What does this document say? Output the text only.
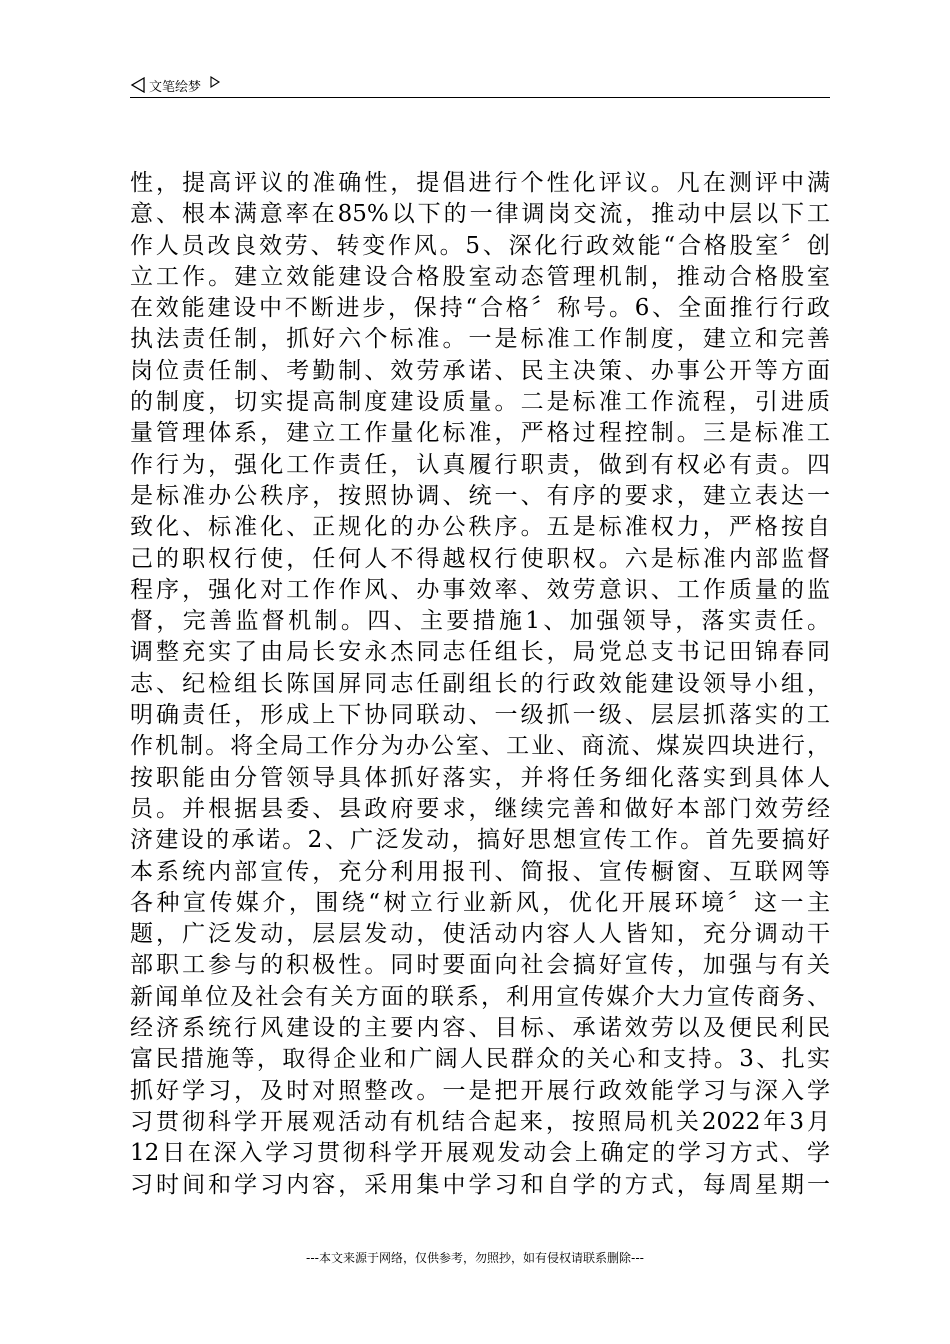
文笔绘梦
性，提高评议的准确性，提倡进行个性化评议。凡在测评中满
意、根本满意率在85%以下的一律调岗交流，推动中层以下工
作人员改良效劳、转变作风。5、深化行政效能“合格股室〞创
立工作。建立效能建设合格股室动态管理机制，推动合格股室
在效能建设中不断进步，保持“合格〞称号。6、全面推行行政
执法责任制，抓好六个标准。一是标准工作制度，建立和完善
岗位责任制、考勤制、效劳承诺、民主决策、办事公开等方面
的制度，切实提高制度建设质量。二是标准工作流程，引进质
量管理体系，建立工作量化标准，严格过程控制。三是标准工
作行为，强化工作责任，认真履行职责，做到有权必有责。四
是标准办公秩序，按照协调、统一、有序的要求，建立表达一
致化、标准化、正规化的办公秩序。五是标准权力，严格按自
己的职权行使，任何人不得越权行使职权。六是标准内部监督
程序，强化对工作作风、办事效率、效劳意识、工作质量的监
督，完善监督机制。四、主要措施1、加强领导，落实责任。
调整充实了由局长安永杰同志任组长，局党总支书记田锦春同
志、纪检组长陈国屏同志任副组长的行政效能建设领导小组，
明确责任，形成上下协同联动、一级抓一级、层层抓落实的工
作机制。将全局工作分为办公室、工业、商流、煤炭四块进行，
按职能由分管领导具体抓好落实，并将任务细化落实到具体人
员。并根据县委、县政府要求，继续完善和做好本部门效劳经
济建设的承诺。2、广泛发动，搞好思想宣传工作。首先要搞好
本系统内部宣传，充分利用报刊、简报、宣传橱窗、互联网等
各种宣传媒介，围绕“树立行业新风，优化开展环境〞这一主
题，广泛发动，层层发动，使活动内容人人皆知，充分调动干
部职工参与的积极性。同时要面向社会搞好宣传，加强与有关
新闻单位及社会有关方面的联系，利用宣传媒介大力宣传商务、
经济系统行风建设的主要内容、目标、承诺效劳以及便民利民
富民措施等，取得企业和广阔人民群众的关心和支持。3、扎实
抓好学习，及时对照整改。一是把开展行政效能学习与深入学
习贯彻科学开展观活动有机结合起来，按照局机关2022年3月
12日在深入学习贯彻科学开展观发动会上确定的学习方式、学
习时间和学习内容，采用集中学习和自学的方式，每周星期一
---本文来源于网络，仅供参考，勿照抄，如有侵权请联系删除---
